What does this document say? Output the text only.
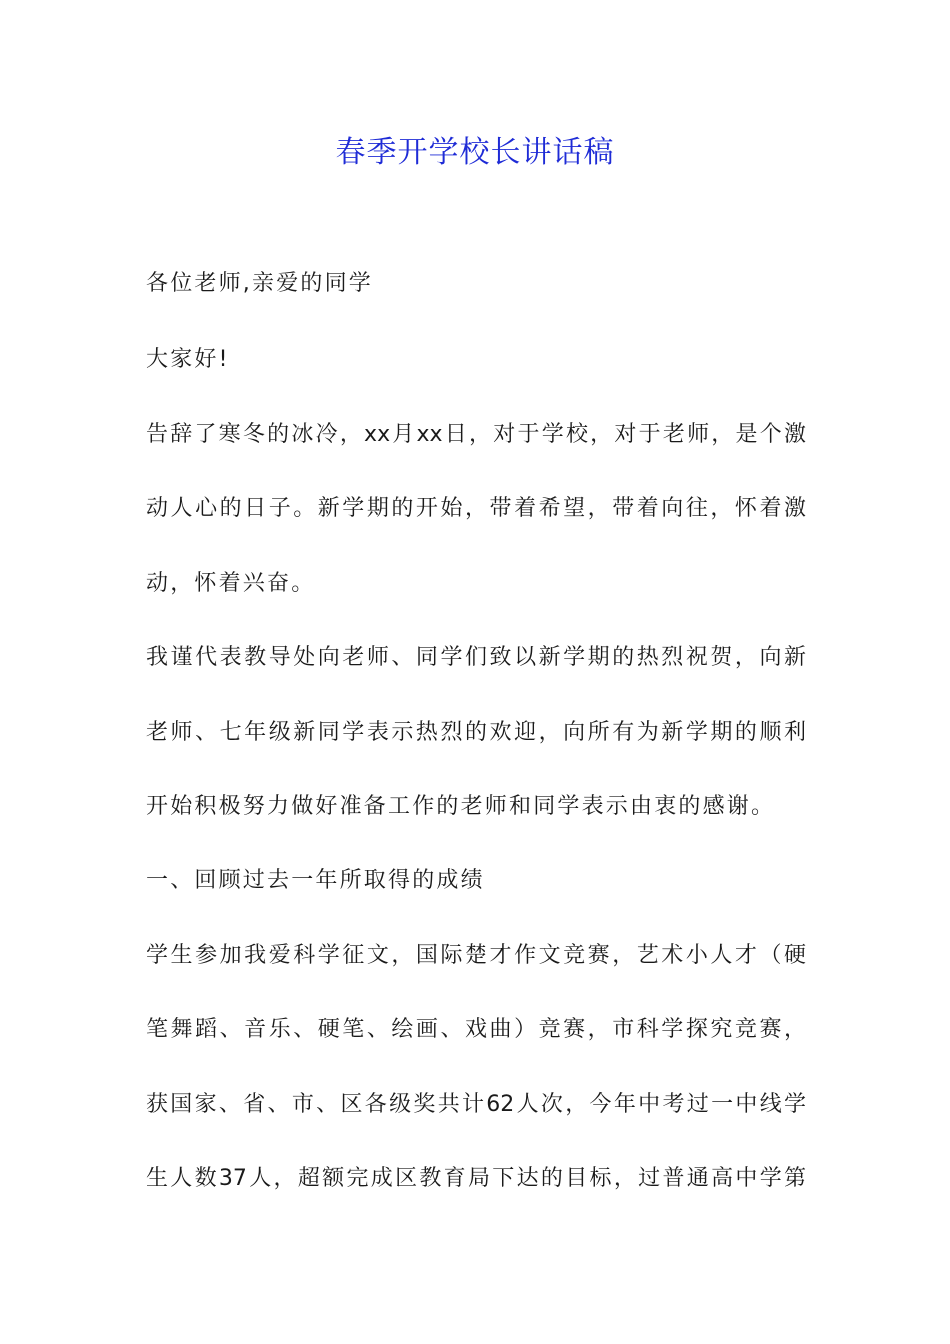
春季开学校长讲话稿
各位老师,亲爱的同学
大家好!
告辞了寒冬的冰冷，xx月xx日，对于学校，对于老师，是个激
动人心的日子。新学期的开始，带着希望，带着向往，怀着激
动，怀着兴奋。
我谨代表教导处向老师、同学们致以新学期的热烈祝贺，向新
老师、七年级新同学表示热烈的欢迎，向所有为新学期的顺利
开始积极努力做好准备工作的老师和同学表示由衷的感谢。
一、回顾过去一年所取得的成绩
学生参加我爱科学征文，国际楚才作文竞赛，艺术小人才（硬
笔舞蹈、音乐、硬笔、绘画、戏曲）竞赛，市科学探究竞赛，
获国家、省、市、区各级奖共计62人次，今年中考过一中线学
生人数37人，超额完成区教育局下达的目标，过普通高中学第
